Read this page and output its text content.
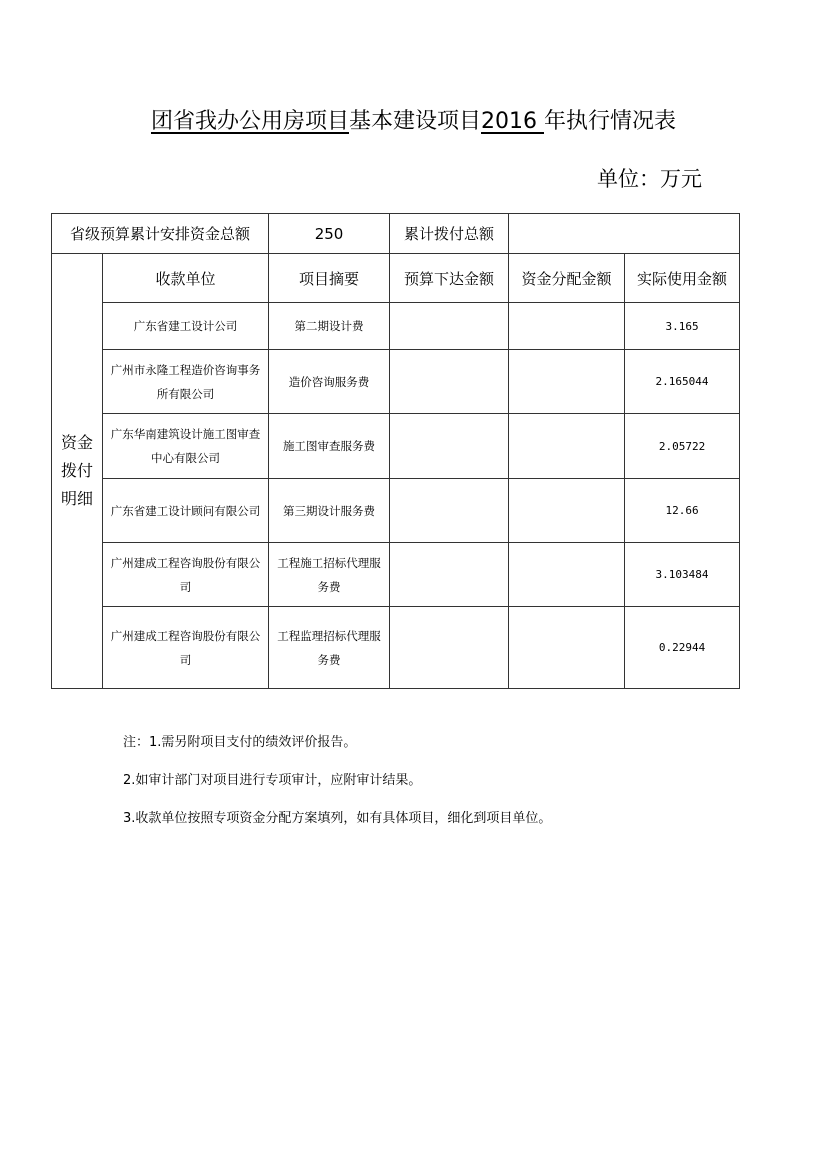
团省我办公用房项目基本建设项目2016 年执行情况表
单位：万元
省级预算累计安排资金总额		250	累计拨付总额		

资金拨付明细	收款单位	项目摘要	预算下达金额	资金分配金额	实际使用金额
	广东省建工设计公司	第二期设计费			3.165
	广州市永隆工程造价咨询事务所有限公司	造价咨询服务费			2.165044
	广东华南建筑设计施工图审查中心有限公司	施工图审查服务费			2.05722
	广东省建工设计顾问有限公司	第三期设计服务费			12.66
	广州建成工程咨询股份有限公司	工程施工招标代理服务费			3.103484
	广州建成工程咨询股份有限公司	工程监理招标代理服务费			0.22944
注：1.需另附项目支付的绩效评价报告。
2.如审计部门对项目进行专项审计，应附审计结果。
3.收款单位按照专项资金分配方案填列，如有具体项目，细化到项目单位。
